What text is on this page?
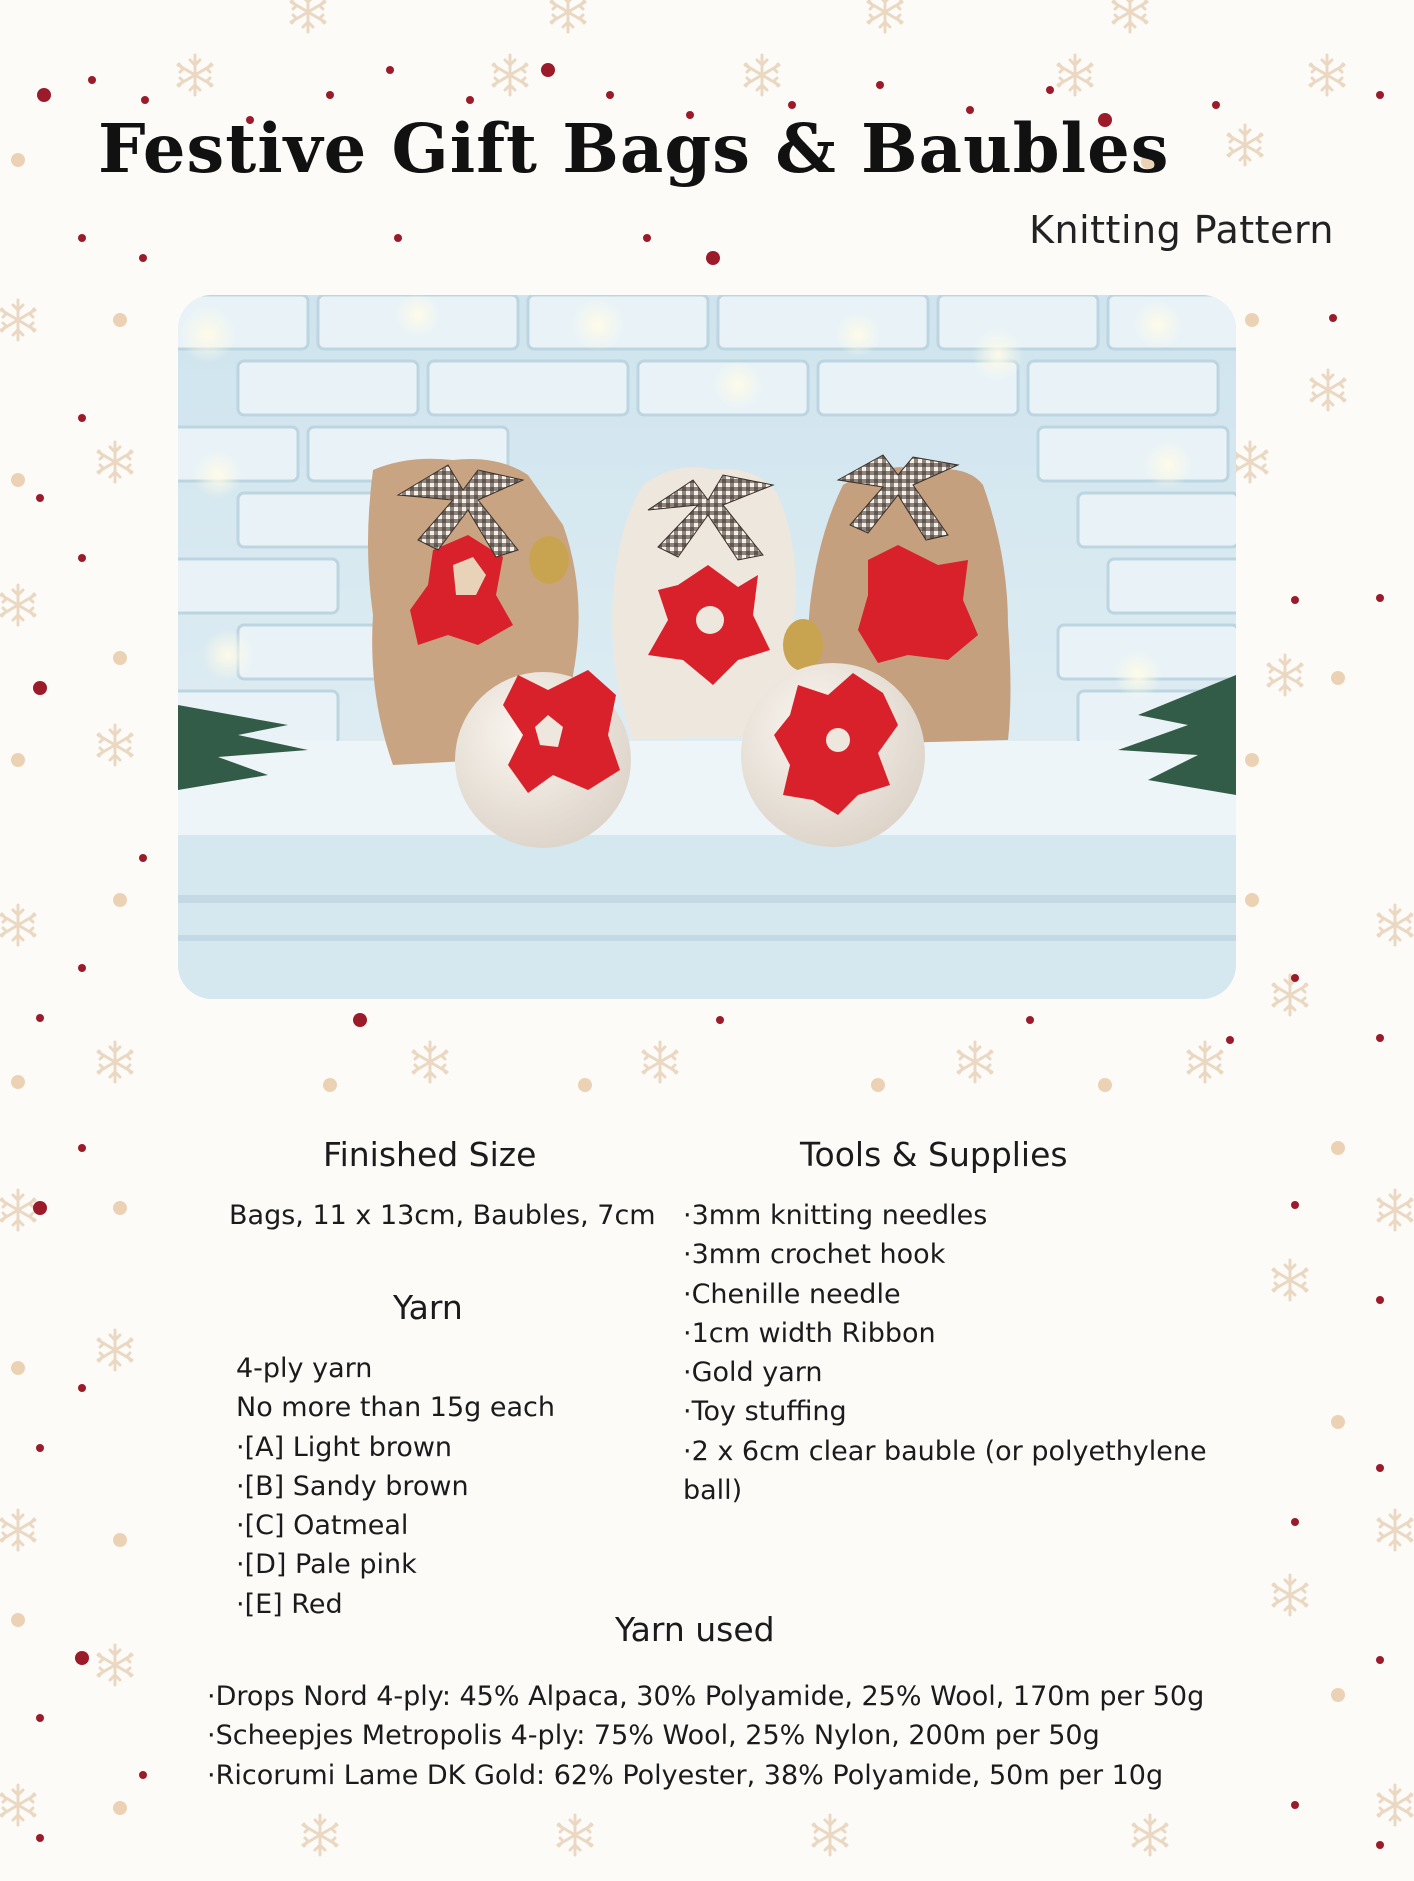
Festive Gift Bags & Baubles
Knitting Pattern
Finished Size
Bags, 11 x 13cm, Baubles, 7cm
Yarn
4-ply yarn
No more than 15g each
·[A] Light brown
·[B] Sandy brown
·[C] Oatmeal
·[D] Pale pink
·[E] Red
Tools & Supplies
·3mm knitting needles
·3mm crochet hook
·Chenille needle
·1cm width Ribbon
·Gold yarn
·Toy stuffing
·2 x 6cm clear bauble (or polyethylene
ball)
Yarn used
·Drops Nord 4-ply: 45% Alpaca, 30% Polyamide, 25% Wool, 170m per 50g
·Scheepjes Metropolis 4-ply: 75% Wool, 25% Nylon, 200m per 50g
·Ricorumi Lame DK Gold: 62% Polyester, 38% Polyamide, 50m per 10g
